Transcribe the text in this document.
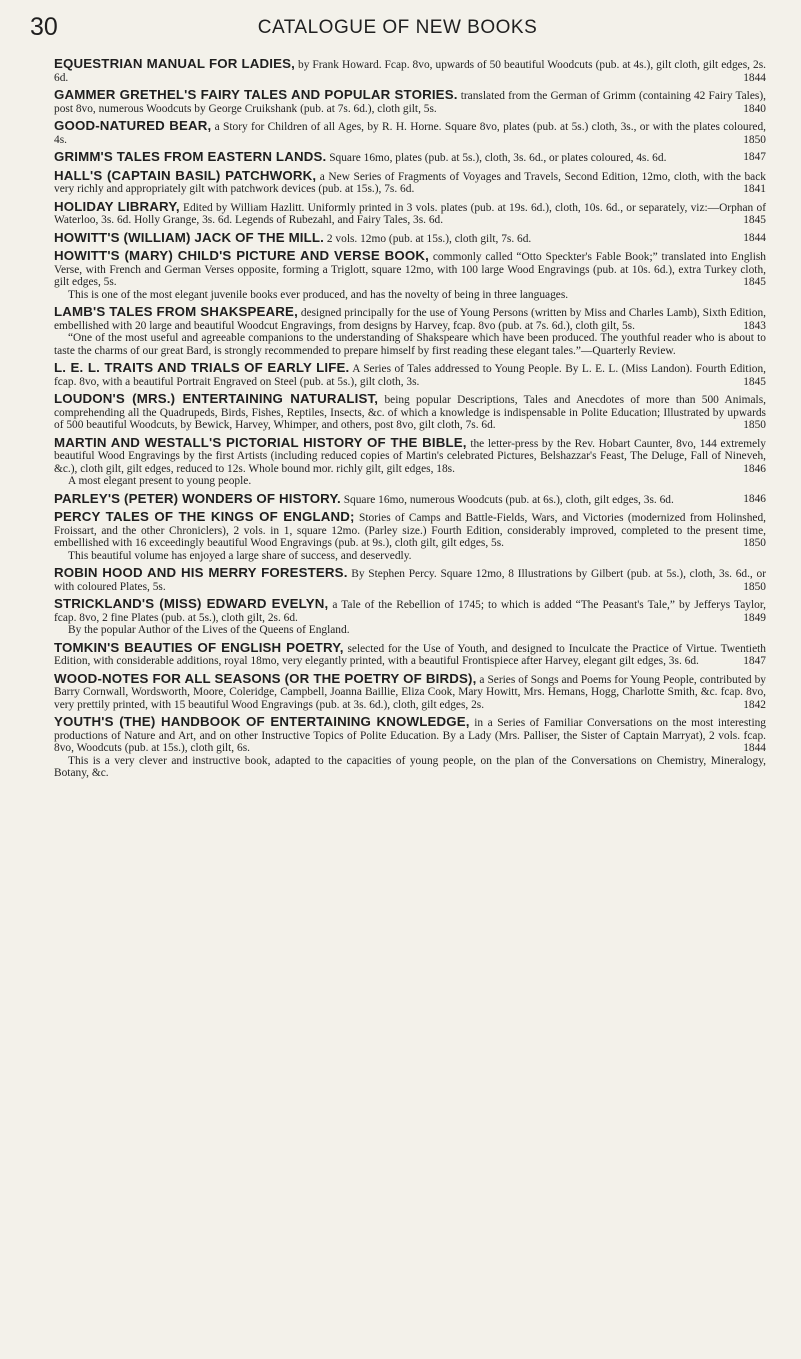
30	CATALOGUE OF NEW BOOKS
EQUESTRIAN MANUAL FOR LADIES, by Frank Howard. Fcap. 8vo, upwards of 50 beautiful Woodcuts (pub. at 4s.), gilt cloth, gilt edges, 2s. 6d.	1844
GAMMER GRETHEL'S FAIRY TALES AND POPULAR STORIES. translated from the German of Grimm (containing 42 Fairy Tales), post 8vo, numerous Woodcuts by George Cruikshank (pub. at 7s. 6d.), cloth gilt, 5s.	1840
GOOD-NATURED BEAR, a Story for Children of all Ages, by R. H. Horne. Square 8vo, plates (pub. at 5s.) cloth, 3s., or with the plates coloured, 4s.	1850
GRIMM'S TALES FROM EASTERN LANDS. Square 16mo, plates (pub. at 5s.), cloth, 3s. 6d., or plates coloured, 4s. 6d.	1847
HALL'S (CAPTAIN BASIL) PATCHWORK, a New Series of Fragments of Voyages and Travels, Second Edition, 12mo, cloth, with the back very richly and appropriately gilt with patchwork devices (pub. at 15s.), 7s. 6d.	1841
HOLIDAY LIBRARY, Edited by William Hazlitt. Uniformly printed in 3 vols. plates (pub. at 19s. 6d.), cloth, 10s. 6d., or separately, viz:—Orphan of Waterloo, 3s. 6d. Holly Grange, 3s. 6d. Legends of Rubezahl, and Fairy Tales, 3s. 6d.	1845
HOWITT'S (WILLIAM) JACK OF THE MILL. 2 vols. 12mo (pub. at 15s.), cloth gilt, 7s. 6d.	1844
HOWITT'S (MARY) CHILD'S PICTURE AND VERSE BOOK, commonly called “Otto Speckter's Fable Book;” translated into English Verse, with French and German Verses opposite, forming a Triglott, square 12mo, with 100 large Wood Engravings (pub. at 10s. 6d.), extra Turkey cloth, gilt edges, 5s.	1845
This is one of the most elegant juvenile books ever produced, and has the novelty of being in three languages.
LAMB'S TALES FROM SHAKSPEARE, designed principally for the use of Young Persons (written by Miss and Charles Lamb), Sixth Edition, embellished with 20 large and beautiful Woodcut Engravings, from designs by Harvey, fcap. 8vo (pub. at 7s. 6d.), cloth gilt, 5s.	1843
“One of the most useful and agreeable companions to the understanding of Shakspeare which have been produced. The youthful reader who is about to taste the charms of our great Bard, is strongly recommended to prepare himself by first reading these elegant tales.”—Quarterly Review.
L. E. L. TRAITS AND TRIALS OF EARLY LIFE. A Series of Tales addressed to Young People. By L. E. L. (Miss Landon). Fourth Edition, fcap. 8vo, with a beautiful Portrait Engraved on Steel (pub. at 5s.), gilt cloth, 3s.	1845
LOUDON'S (MRS.) ENTERTAINING NATURALIST, being popular Descriptions, Tales and Anecdotes of more than 500 Animals, comprehending all the Quadrupeds, Birds, Fishes, Reptiles, Insects, &c. of which a knowledge is indispensable in Polite Education; Illustrated by upwards of 500 beautiful Woodcuts, by Bewick, Harvey, Whimper, and others, post 8vo, gilt cloth, 7s. 6d.	1850
MARTIN AND WESTALL'S PICTORIAL HISTORY OF THE BIBLE, the letter-press by the Rev. Hobart Caunter, 8vo, 144 extremely beautiful Wood Engravings by the first Artists (including reduced copies of Martin's celebrated Pictures, Belshazzar's Feast, The Deluge, Fall of Nineveh, &c.), cloth gilt, gilt edges, reduced to 12s. Whole bound mor. richly gilt, gilt edges, 18s.	1846
A most elegant present to young people.
PARLEY'S (PETER) WONDERS OF HISTORY. Square 16mo, numerous Woodcuts (pub. at 6s.), cloth, gilt edges, 3s. 6d.	1846
PERCY TALES OF THE KINGS OF ENGLAND; Stories of Camps and Battle-Fields, Wars, and Victories (modernized from Holinshed, Froissart, and the other Chroniclers), 2 vols. in 1, square 12mo. (Parley size.) Fourth Edition, considerably improved, completed to the present time, embellished with 16 exceedingly beautiful Wood Engravings (pub. at 9s.), cloth gilt, gilt edges, 5s.	1850
This beautiful volume has enjoyed a large share of success, and deservedly.
ROBIN HOOD AND HIS MERRY FORESTERS. By Stephen Percy. Square 12mo, 8 Illustrations by Gilbert (pub. at 5s.), cloth, 3s. 6d., or with coloured Plates, 5s.	1850
STRICKLAND'S (MISS) EDWARD EVELYN, a Tale of the Rebellion of 1745; to which is added “The Peasant's Tale,” by Jefferys Taylor, fcap. 8vo, 2 fine Plates (pub. at 5s.), cloth gilt, 2s. 6d.	1849
By the popular Author of the Lives of the Queens of England.
TOMKIN'S BEAUTIES OF ENGLISH POETRY, selected for the Use of Youth, and designed to Inculcate the Practice of Virtue. Twentieth Edition, with considerable additions, royal 18mo, very elegantly printed, with a beautiful Frontispiece after Harvey, elegant gilt edges, 3s. 6d.	1847
WOOD-NOTES FOR ALL SEASONS (OR THE POETRY OF BIRDS), a Series of Songs and Poems for Young People, contributed by Barry Cornwall, Wordsworth, Moore, Coleridge, Campbell, Joanna Baillie, Eliza Cook, Mary Howitt, Mrs. Hemans, Hogg, Charlotte Smith, &c. fcap. 8vo, very prettily printed, with 15 beautiful Wood Engravings (pub. at 3s. 6d.), cloth, gilt edges, 2s.	1842
YOUTH'S (THE) HANDBOOK OF ENTERTAINING KNOWLEDGE, in a Series of Familiar Conversations on the most interesting productions of Nature and Art, and on other Instructive Topics of Polite Education. By a Lady (Mrs. Palliser, the Sister of Captain Marryat), 2 vols. fcap. 8vo, Woodcuts (pub. at 15s.), cloth gilt, 6s.	1844
This is a very clever and instructive book, adapted to the capacities of young people, on the plan of the Conversations on Chemistry, Mineralogy, Botany, &c.
